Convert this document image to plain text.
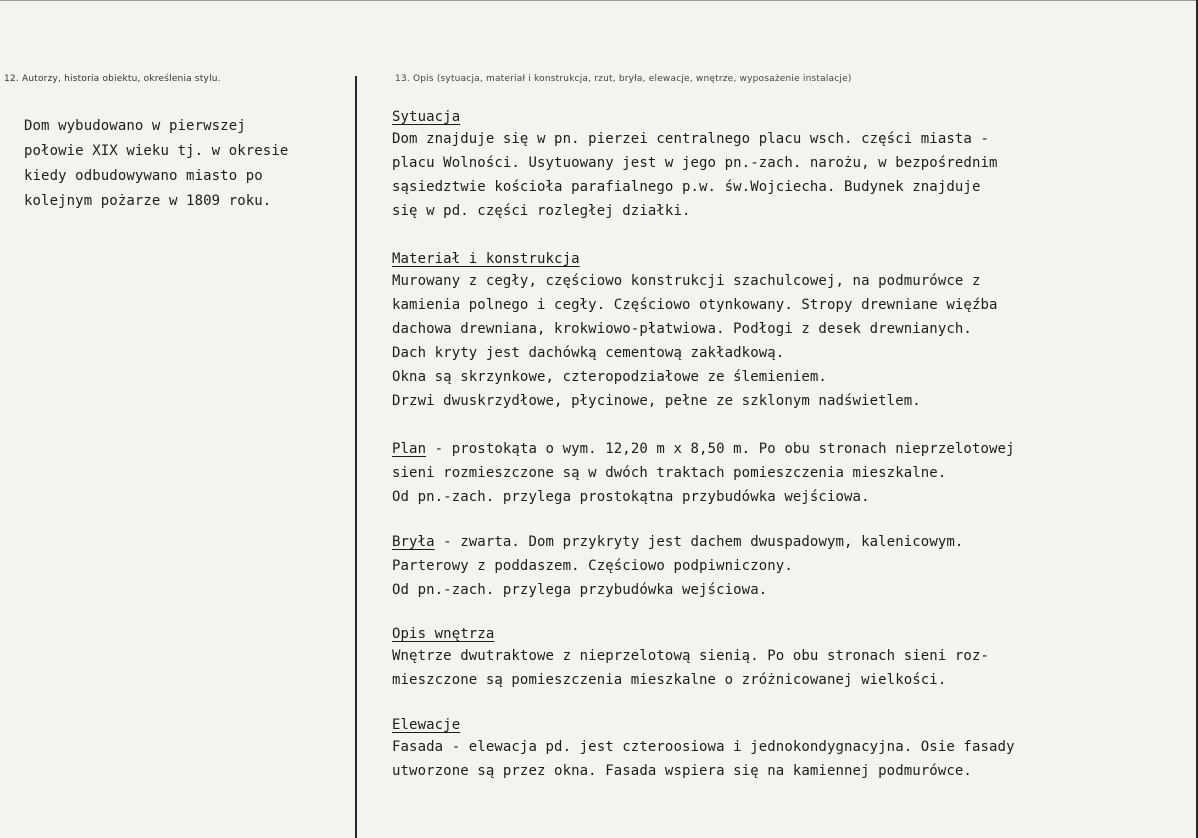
12. Autorzy, historia obiektu, określenia stylu.	13. Opis (sytuacja, materiał i konstrukcja, rzut, bryła, elewacje, wnętrze, wyposażenie instalacje)
Dom wybudowano w pierwszej
połowie XIX wieku tj. w okresie
kiedy odbudowywano miasto po
kolejnym pożarze w 1809 roku.
Sytuacja
Dom znajduje się w pn. pierzei centralnego placu wsch. części miasta -
placu Wolności. Usytuowany jest w jego pn.-zach. narożu, w bezpośrednim
sąsiedztwie kościoła parafialnego p.w. św.Wojciecha. Budynek znajduje
się w pd. części rozległej działki.
Materiał i konstrukcja
Murowany z cegły, częściowo konstrukcji szachulcowej, na podmurówce z
kamienia polnego i cegły. Częściowo otynkowany. Stropy drewniane więźba
dachowa drewniana, krokwiowo-płatwiowa. Podłogi z desek drewnianych.
Dach kryty jest dachówką cementową zakładkową.
Okna są skrzynkowe, czteropodziałowe ze ślemieniem.
Drzwi dwuskrzydłowe, płycinowe, pełne ze szklonym nadświetlem.
Plan - prostokąta o wym. 12,20 m x 8,50 m. Po obu stronach nieprzelotowej
sieni rozmieszczone są w dwóch traktach pomieszczenia mieszkalne.
Od pn.-zach. przylega prostokątna przybudówka wejściowa.
Bryła - zwarta. Dom przykryty jest dachem dwuspadowym, kalenicowym.
Parterowy z poddaszem. Częściowo podpiwniczony.
Od pn.-zach. przylega przybudówka wejściowa.
Opis wnętrza
Wnętrze dwutraktowe z nieprzelotową sienią. Po obu stronach sieni roz-
mieszczone są pomieszczenia mieszkalne o zróżnicowanej wielkości.
Elewacje
Fasada - elewacja pd. jest czteroosiowa i jednokondygnacyjna. Osie fasady
utworzone są przez okna. Fasada wspiera się na kamiennej podmurówce.
